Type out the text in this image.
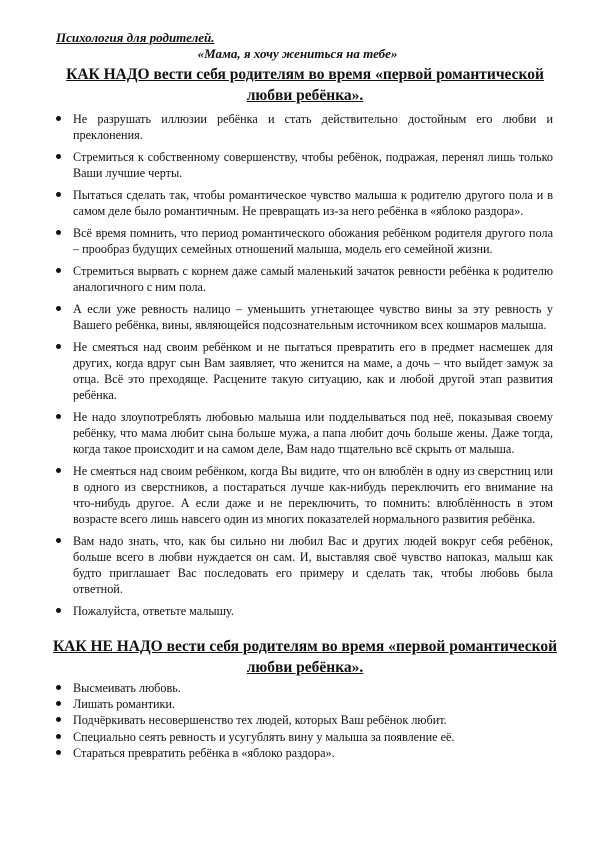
Психология для родителей.
«Мама, я хочу жениться на тебе»
КАК НАДО вести себя родителям во время «первой романтической любви ребёнка».
Не разрушать иллюзии ребёнка и стать действительно достойным его любви и преклонения.
Стремиться к собственному совершенству, чтобы ребёнок, подражая, перенял лишь только Ваши лучшие черты.
Пытаться сделать так, чтобы романтическое чувство малыша к родителю другого пола и в самом деле было романтичным. Не превращать из-за него ребёнка в «яблоко раздора».
Всё время помнить, что период романтического обожания ребёнком родителя другого пола – прообраз будущих семейных отношений малыша, модель его семейной жизни.
Стремиться вырвать с корнем даже самый маленький зачаток ревности ребёнка к родителю аналогичного с ним пола.
А если уже ревность налицо – уменьшить угнетающее чувство вины за эту ревность у Вашего ребёнка, вины, являющейся подсознательным источником всех кошмаров малыша.
Не смеяться над своим ребёнком и не пытаться превратить его в предмет насмешек для других, когда вдруг сын Вам заявляет, что женится на маме, а дочь – что выйдет замуж за отца. Всё это преходяще. Расцените такую ситуацию, как и любой другой этап развития ребёнка.
Не надо злоупотреблять любовью малыша или подделываться под неё, показывая своему ребёнку, что мама любит сына больше мужа, а папа любит дочь больше жены. Даже тогда, когда такое происходит и на самом деле, Вам надо тщательно всё скрыть от малыша.
Не смеяться над своим ребёнком, когда Вы видите, что он влюблён в одну из сверстниц или в одного из сверстников, а постараться лучше как-нибудь переключить его внимание на что-нибудь другое. А если даже и не переключить, то помнить: влюблённость в этом возрасте всего лишь навсего один из многих показателей нормального развития ребёнка.
Вам надо знать, что, как бы сильно ни любил Вас и других людей вокруг себя ребёнок, больше всего в любви нуждается он сам. И, выставляя своё чувство напоказ, малыш как будто приглашает Вас последовать его примеру и сделать так, чтобы любовь была ответной.
Пожалуйста, ответьте малышу.
КАК НЕ НАДО вести себя родителям во время «первой романтической любви ребёнка».
Высмеивать любовь.
Лишать романтики.
Подчёркивать несовершенство тех людей, которых Ваш ребёнок любит.
Специально сеять ревность и усугублять вину у малыша за появление её.
Стараться превратить ребёнка в «яблоко раздора».
